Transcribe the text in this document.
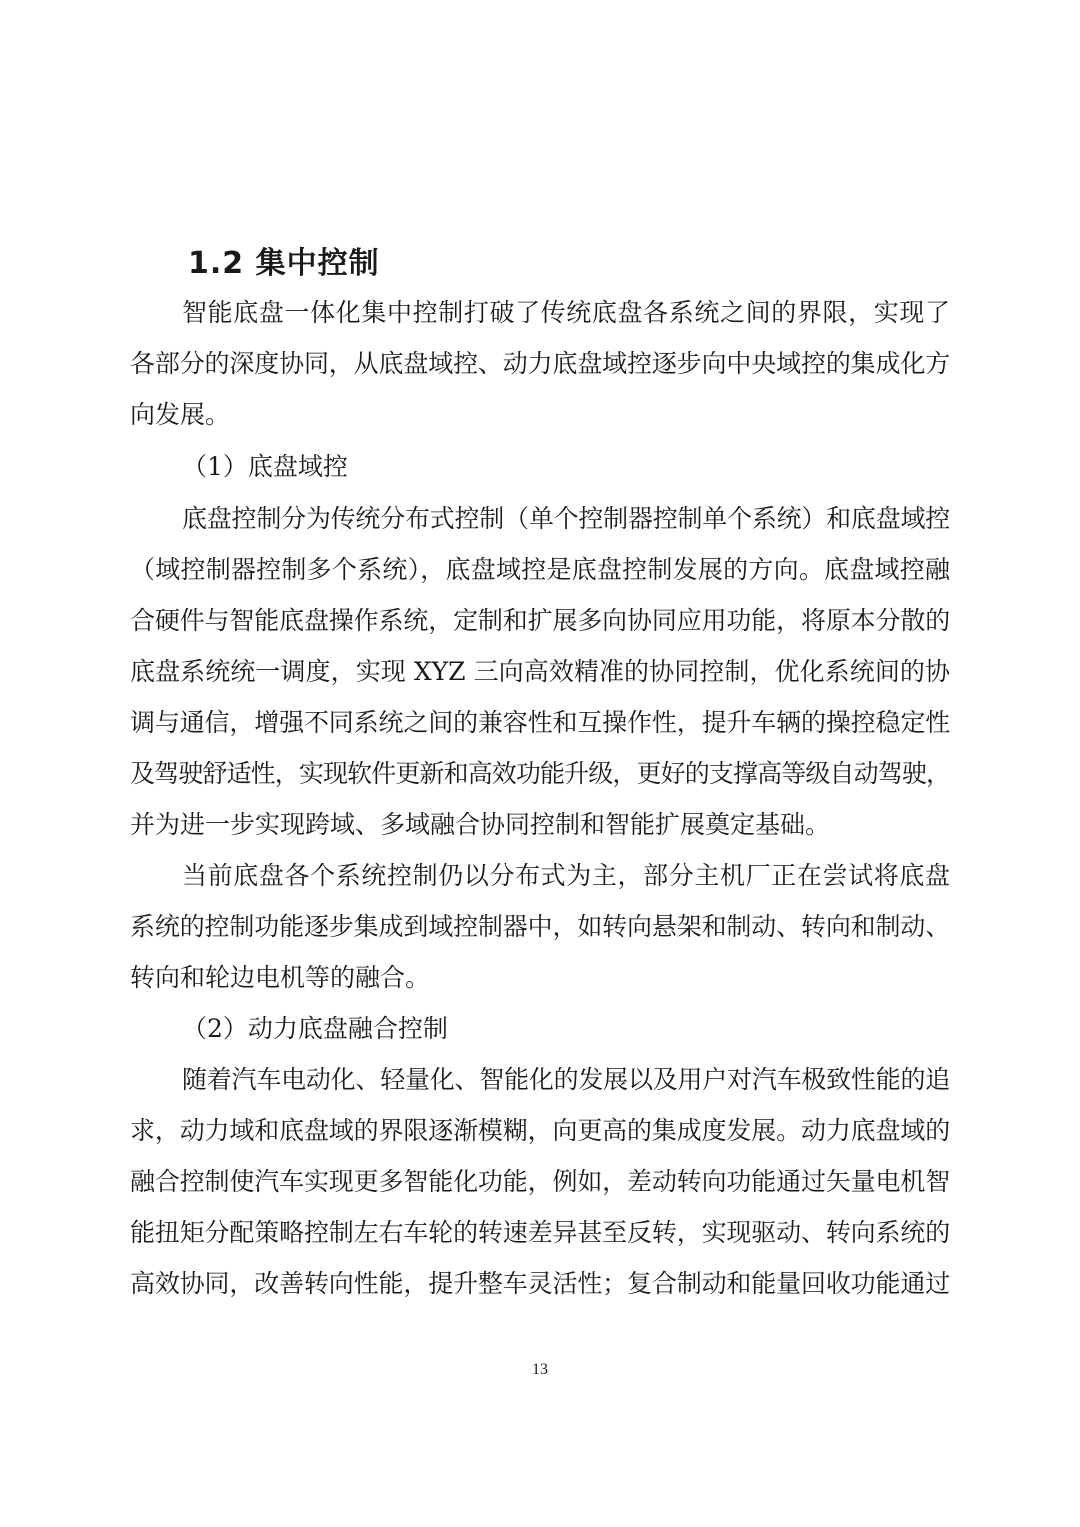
1.2 集中控制

智能底盘一体化集中控制打破了传统底盘各系统之间的界限，实现了

各部分的深度协同，从底盘域控、动力底盘域控逐步向中央域控的集成化方

向发展。

（1）底盘域控

底盘控制分为传统分布式控制（单个控制器控制单个系统）和底盘域控

（域控制器控制多个系统），底盘域控是底盘控制发展的方向。底盘域控融

合硬件与智能底盘操作系统，定制和扩展多向协同应用功能，将原本分散的

底盘系统统一调度，实现 XYZ 三向高效精准的协同控制，优化系统间的协

调与通信，增强不同系统之间的兼容性和互操作性，提升车辆的操控稳定性

及驾驶舒适性，实现软件更新和高效功能升级，更好的支撑高等级自动驾驶，

并为进一步实现跨域、多域融合协同控制和智能扩展奠定基础。

当前底盘各个系统控制仍以分布式为主，部分主机厂正在尝试将底盘

系统的控制功能逐步集成到域控制器中，如转向悬架和制动、转向和制动、

转向和轮边电机等的融合。

（2）动力底盘融合控制

随着汽车电动化、轻量化、智能化的发展以及用户对汽车极致性能的追

求，动力域和底盘域的界限逐渐模糊，向更高的集成度发展。动力底盘域的

融合控制使汽车实现更多智能化功能，例如，差动转向功能通过矢量电机智

能扭矩分配策略控制左右车轮的转速差异甚至反转，实现驱动、转向系统的

高效协同，改善转向性能，提升整车灵活性；复合制动和能量回收功能通过

13
